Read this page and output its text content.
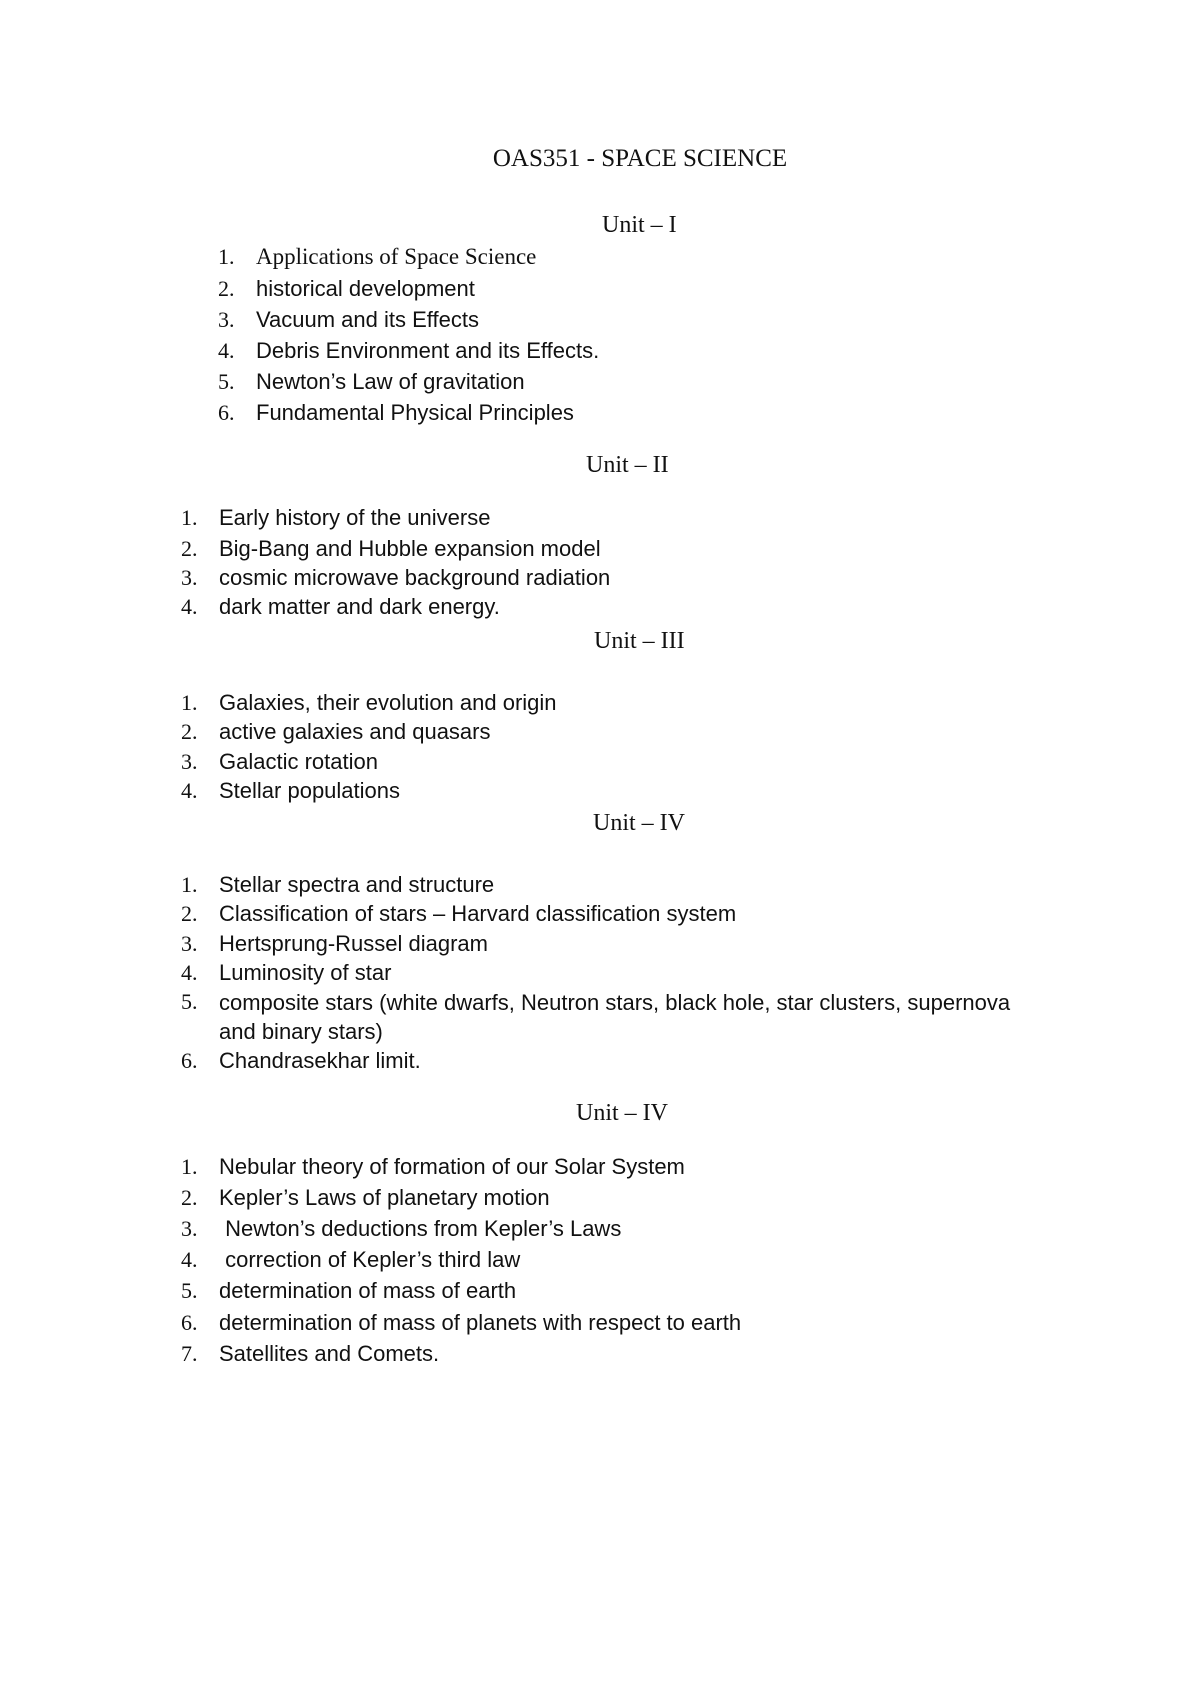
OAS351 - SPACE SCIENCE
Unit – I
1. Applications of Space Science
2. historical development
3. Vacuum and its Effects
4. Debris Environment and its Effects.
5. Newton’s Law of gravitation
6. Fundamental Physical Principles
Unit – II
1. Early history of the universe
2. Big-Bang and Hubble expansion model
3. cosmic microwave background radiation
4. dark matter and dark energy.
Unit – III
1. Galaxies, their evolution and origin
2. active galaxies and quasars
3. Galactic rotation
4. Stellar populations
Unit – IV
1. Stellar spectra and structure
2. Classification of stars – Harvard classification system
3. Hertsprung-Russel diagram
4. Luminosity of star
5. composite stars (white dwarfs, Neutron stars, black hole, star clusters, supernova and binary stars)
6. Chandrasekhar limit.
Unit – IV
1. Nebular theory of formation of our Solar System
2. Kepler’s Laws of planetary motion
3. Newton’s deductions from Kepler’s Laws
4. correction of Kepler’s third law
5. determination of mass of earth
6. determination of mass of planets with respect to earth
7. Satellites and Comets.
